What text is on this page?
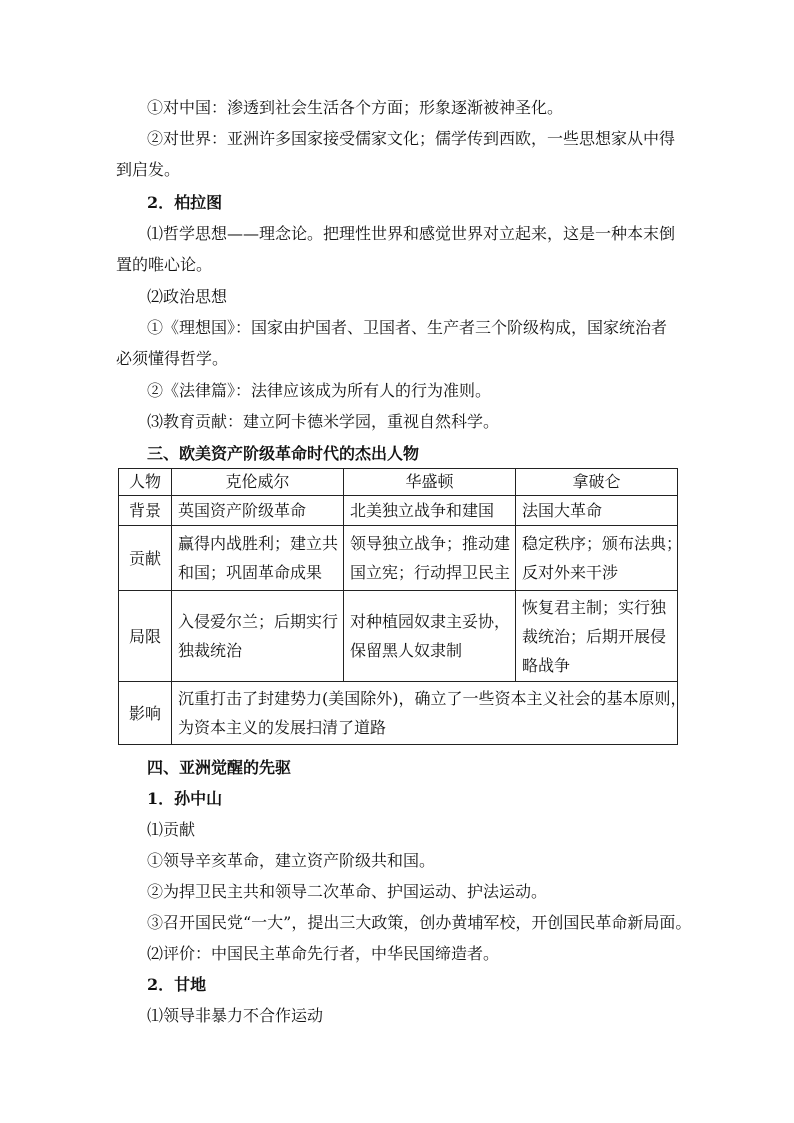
①对中国：渗透到社会生活各个方面；形象逐渐被神圣化。
②对世界：亚洲许多国家接受儒家文化；儒学传到西欧，一些思想家从中得
到启发。
2．柏拉图
⑴哲学思想——理念论。把理性世界和感觉世界对立起来，这是一种本末倒
置的唯心论。
⑵政治思想
①《理想国》：国家由护国者、卫国者、生产者三个阶级构成，国家统治者
必须懂得哲学。
②《法律篇》：法律应该成为所有人的行为准则。
⑶教育贡献：建立阿卡德米学园，重视自然科学。
三、欧美资产阶级革命时代的杰出人物
人物	克伦威尔	华盛顿	拿破仑
背景	英国资产阶级革命	北美独立战争和建国	法国大革命

贡献	赢得内战胜利；建立共
和国；巩固革命成果	领导独立战争；推动建
国立宪；行动捍卫民主	稳定秩序；颁布法典；
反对外来干涉

局限	入侵爱尔兰；后期实行
独裁统治	对种植园奴隶主妥协，
保留黑人奴隶制	恢复君主制；实行独
裁统治；后期开展侵
略战争

影响	沉重打击了封建势力(美国除外)，确立了一些资本主义社会的基本原则，
为资本主义的发展扫清了道路		
四、亚洲觉醒的先驱
1．孙中山
⑴贡献
①领导辛亥革命，建立资产阶级共和国。
②为捍卫民主共和领导二次革命、护国运动、护法运动。
③召开国民党“一大”，提出三大政策，创办黄埔军校，开创国民革命新局面。
⑵评价：中国民主革命先行者，中华民国缔造者。
2．甘地
⑴领导非暴力不合作运动
